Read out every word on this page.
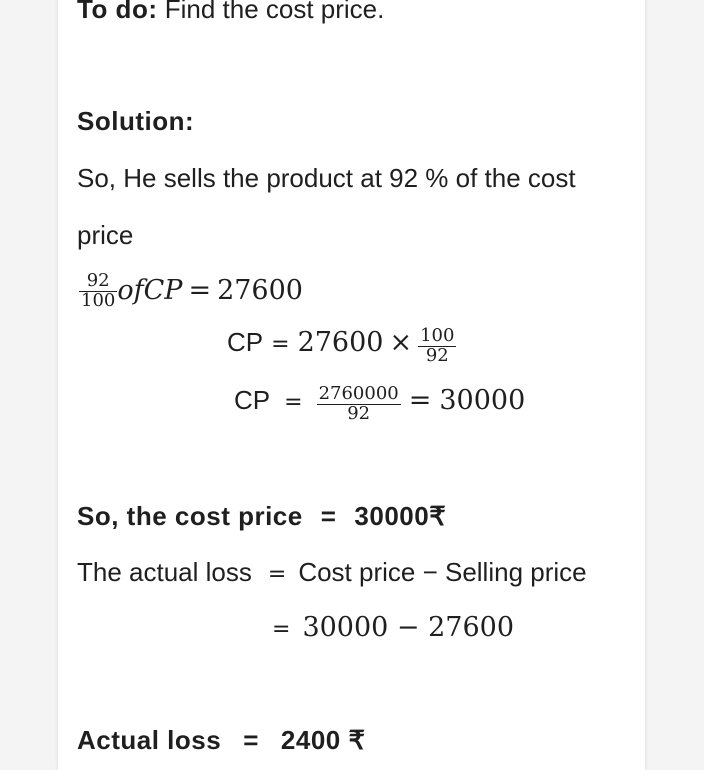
To do: Find the cost price.
Solution:
So, He sells the product at 92 % of the cost
price
$\frac{92}{100}$ ofCP = 27600
CP = $27600 \times \frac{100}{92}$
CP = $\frac{2760000}{92} = 30000$
So, the cost price = 30000₹
The actual loss = Cost price − Selling price
= 30000 − 27600
Actual loss = 2400 ₹
